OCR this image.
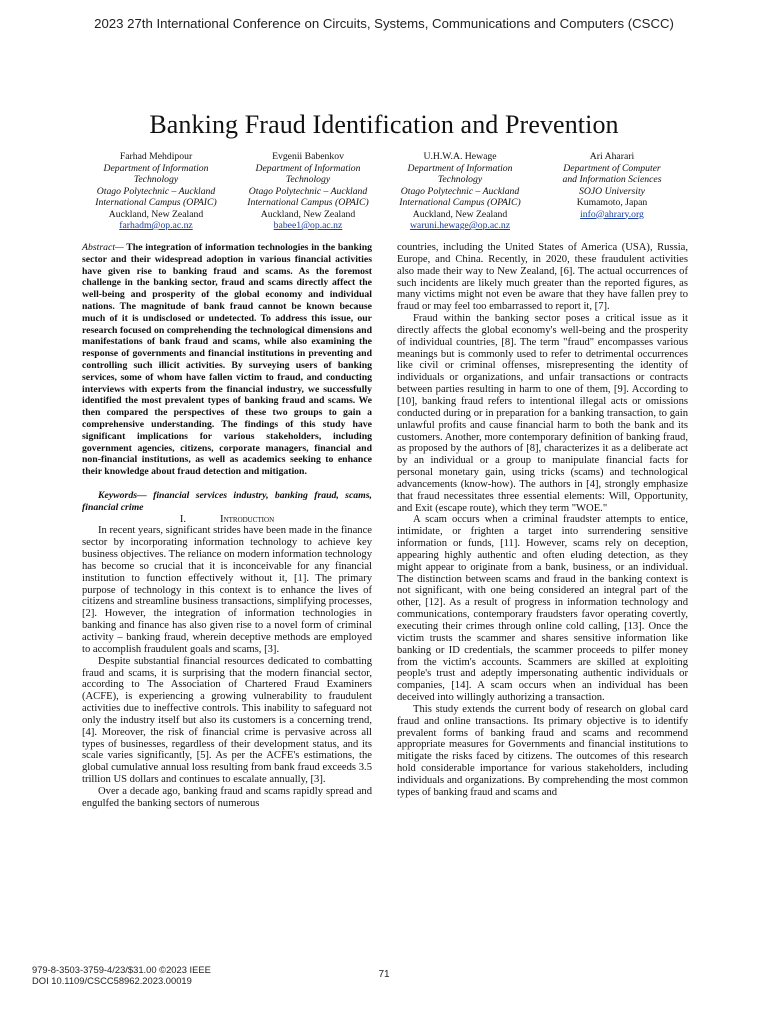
2023 27th International Conference on Circuits, Systems, Communications and Computers (CSCC)
Banking Fraud Identification and Prevention
Farhad Mehdipour
Department of Information
Technology
Otago Polytechnic – Auckland
International Campus (OPAIC)
Auckland, New Zealand
farhadm@op.ac.nz
Evgenii Babenkov
Department of Information
Technology
Otago Polytechnic – Auckland
International Campus (OPAIC)
Auckland, New Zealand
babee1@op.ac.nz
U.H.W.A. Hewage
Department of Information
Technology
Otago Polytechnic – Auckland
International Campus (OPAIC)
Auckland, New Zealand
waruni.hewage@op.ac.nz
Ari Aharari
Department of Computer
and Information Sciences
SOJO University
Kumamoto, Japan
info@ahrary.org

Abstract— The integration of information technologies in the banking sector and their widespread adoption in various financial activities have given rise to banking fraud and scams. As the foremost challenge in the banking sector, fraud and scams directly affect the well-being and prosperity of the global economy and individual nations. The magnitude of bank fraud cannot be known because much of it is undisclosed or undetected. To address this issue, our research focused on comprehending the technological dimensions and manifestations of bank fraud and scams, while also examining the response of governments and financial institutions in preventing and controlling such illicit activities. By surveying users of banking services, some of whom have fallen victim to fraud, and conducting interviews with experts from the financial industry, we successfully identified the most prevalent types of banking fraud and scams. We then compared the perspectives of these two groups to gain a comprehensive understanding. The findings of this study have significant implications for various stakeholders, including government agencies, citizens, corporate managers, financial and non-financial institutions, as well as academics seeking to enhance their knowledge about fraud detection and mitigation.

Keywords— financial services industry, banking fraud, scams, financial crime

I.	Introduction

In recent years, significant strides have been made in the finance sector by incorporating information technology to achieve key business objectives. The reliance on modern information technology has become so crucial that it is inconceivable for any financial institution to function effectively without it, [1]. The primary purpose of technology in this context is to enhance the lives of citizens and streamline business transactions, simplifying processes, [2]. However, the integration of information technologies in banking and finance has also given rise to a novel form of criminal activity – banking fraud, wherein deceptive methods are employed to accomplish fraudulent goals and scams, [3].

Despite substantial financial resources dedicated to combatting fraud and scams, it is surprising that the modern financial sector, according to The Association of Chartered Fraud Examiners (ACFE), is experiencing a growing vulnerability to fraudulent activities due to ineffective controls. This inability to safeguard not only the industry itself but also its customers is a concerning trend, [4]. Moreover, the risk of financial crime is pervasive across all types of businesses, regardless of their development status, and its scale varies significantly, [5]. As per the ACFE's estimations, the global cumulative annual loss resulting from bank fraud exceeds 3.5 trillion US dollars and continues to escalate annually, [3].

Over a decade ago, banking fraud and scams rapidly spread and engulfed the banking sectors of numerous

countries, including the United States of America (USA), Russia, Europe, and China. Recently, in 2020, these fraudulent activities also made their way to New Zealand, [6]. The actual occurrences of such incidents are likely much greater than the reported figures, as many victims might not even be aware that they have fallen prey to fraud or may feel too embarrassed to report it, [7].

Fraud within the banking sector poses a critical issue as it directly affects the global economy's well-being and the prosperity of individual countries, [8]. The term "fraud" encompasses various meanings but is commonly used to refer to detrimental occurrences like civil or criminal offenses, misrepresenting the identity of individuals or organizations, and unfair transactions or contracts between parties resulting in harm to one of them, [9]. According to [10], banking fraud refers to intentional illegal acts or omissions conducted during or in preparation for a banking transaction, to gain unlawful profits and cause financial harm to both the bank and its customers. Another, more contemporary definition of banking fraud, as proposed by the authors of [8], characterizes it as a deliberate act by an individual or a group to manipulate financial facts for personal monetary gain, using tricks (scams) and technological advancements (know-how). The authors in [4], strongly emphasize that fraud necessitates three essential elements: Will, Opportunity, and Exit (escape route), which they term "WOE."

A scam occurs when a criminal fraudster attempts to entice, intimidate, or frighten a target into surrendering sensitive information or funds, [11]. However, scams rely on deception, appearing highly authentic and often eluding detection, as they might appear to originate from a bank, business, or an individual. The distinction between scams and fraud in the banking context is not significant, with one being considered an integral part of the other, [12]. As a result of progress in information technology and communications, contemporary fraudsters favor operating covertly, executing their crimes through online cold calling, [13]. Once the victim trusts the scammer and shares sensitive information like banking or ID credentials, the scammer proceeds to pilfer money from the victim's accounts. Scammers are skilled at exploiting people's trust and adeptly impersonating authentic individuals or companies, [14]. A scam occurs when an individual has been deceived into willingly authorizing a transaction.

This study extends the current body of research on global card fraud and online transactions. Its primary objective is to identify prevalent forms of banking fraud and scams and recommend appropriate measures for Governments and financial institutions to mitigate the risks faced by citizens. The outcomes of this research hold considerable importance for various stakeholders, including individuals and organizations. By comprehending the most common types of banking fraud and scams and

979-8-3503-3759-4/23/$31.00 ©2023 IEEE
DOI 10.1109/CSCC58962.2023.00019
71
